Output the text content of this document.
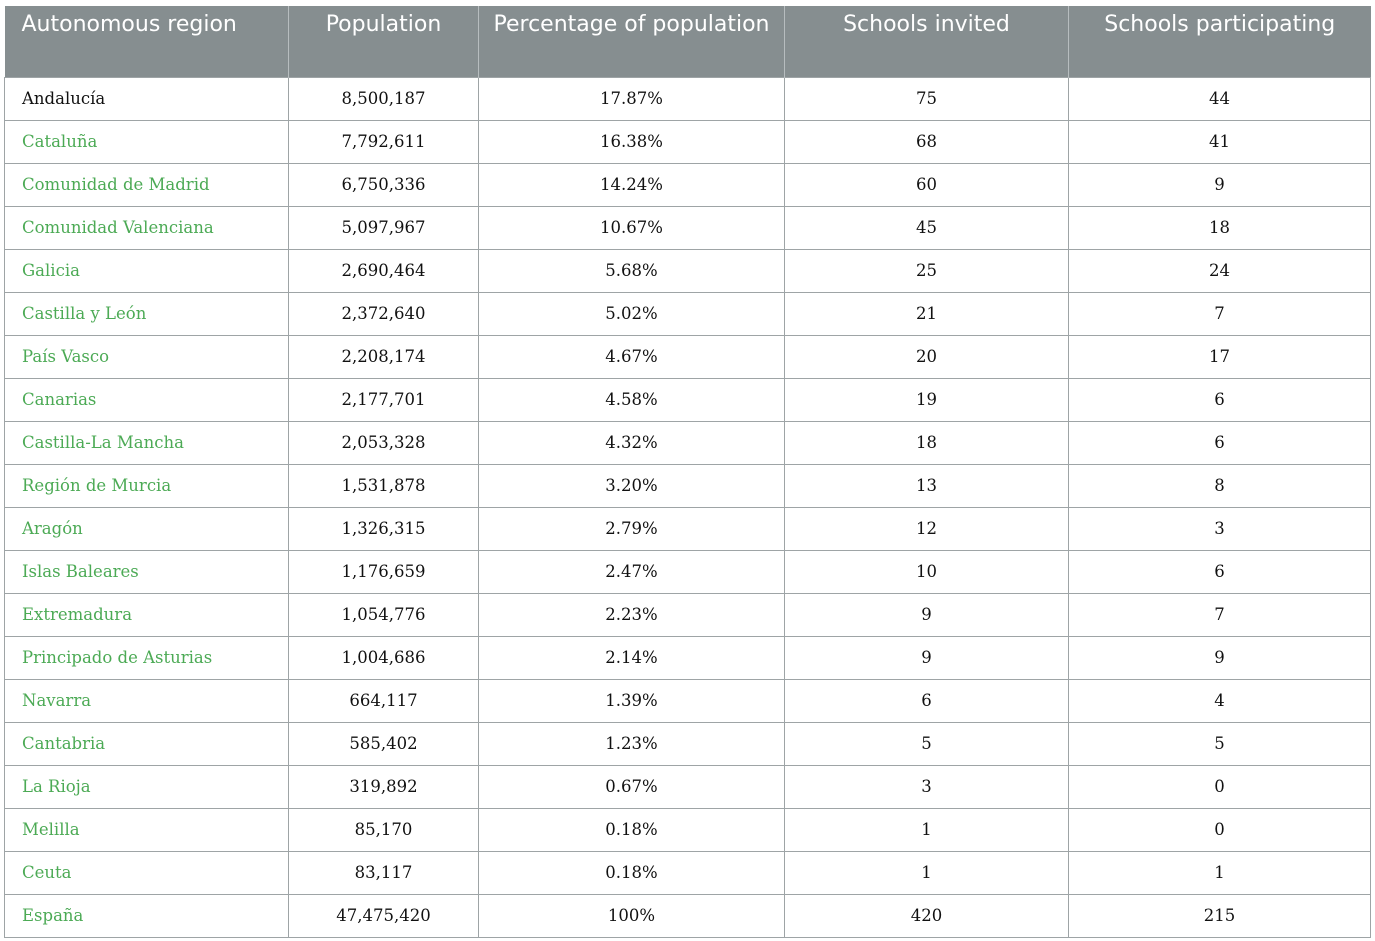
Autonomous region	Population	Percentage of population	Schools invited	Schools participating
Andalucía	8,500,187	17.87%	75	44
Cataluña	7,792,611	16.38%	68	41
Comunidad de Madrid	6,750,336	14.24%	60	9
Comunidad Valenciana	5,097,967	10.67%	45	18
Galicia	2,690,464	5.68%	25	24
Castilla y León	2,372,640	5.02%	21	7
País Vasco	2,208,174	4.67%	20	17
Canarias	2,177,701	4.58%	19	6
Castilla-La Mancha	2,053,328	4.32%	18	6
Región de Murcia	1,531,878	3.20%	13	8
Aragón	1,326,315	2.79%	12	3
Islas Baleares	1,176,659	2.47%	10	6
Extremadura	1,054,776	2.23%	9	7
Principado de Asturias	1,004,686	2.14%	9	9
Navarra	664,117	1.39%	6	4
Cantabria	585,402	1.23%	5	5
La Rioja	319,892	0.67%	3	0
Melilla	85,170	0.18%	1	0
Ceuta	83,117	0.18%	1	1
España	47,475,420	100%	420	215
